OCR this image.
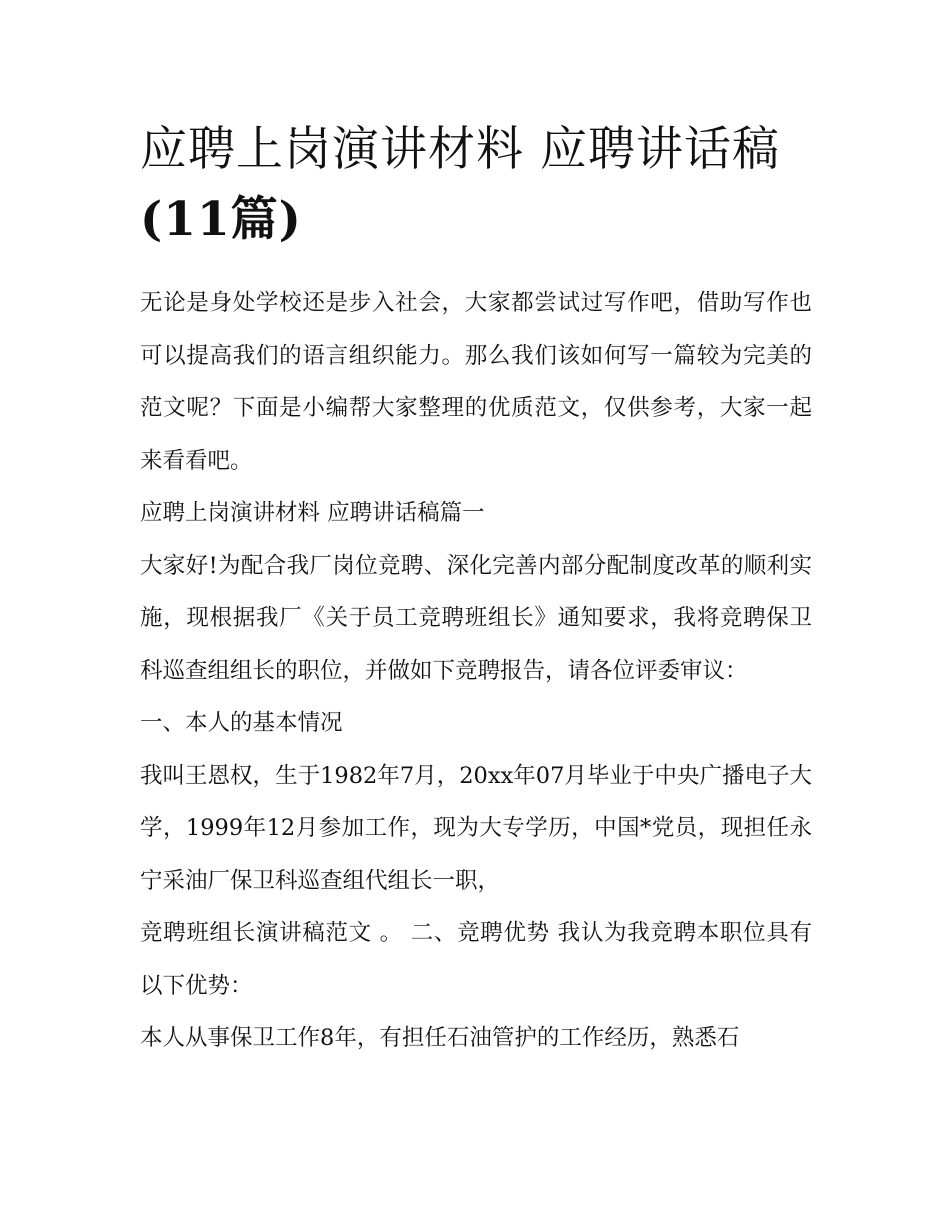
应聘上岗演讲材料 应聘讲话稿
(11篇)

无论是身处学校还是步入社会，大家都尝试过写作吧，借助写作也可以提高我们的语言组织能力。那么我们该如何写一篇较为完美的范文呢？下面是小编帮大家整理的优质范文，仅供参考，大家一起来看看吧。

应聘上岗演讲材料 应聘讲话稿篇一

大家好!为配合我厂岗位竞聘、深化完善内部分配制度改革的顺利实施，现根据我厂《关于员工竞聘班组长》通知要求，我将竞聘保卫科巡查组组长的职位，并做如下竞聘报告，请各位评委审议：

一、本人的基本情况

我叫王恩权，生于1982年7月，20xx年07月毕业于中央广播电子大学，1999年12月参加工作，现为大专学历，中国*党员，现担任永宁采油厂保卫科巡查组代组长一职，

竞聘班组长演讲稿范文 。 二、竞聘优势 我认为我竞聘本职位具有以下优势：

本人从事保卫工作8年，有担任石油管护的工作经历，熟悉石
